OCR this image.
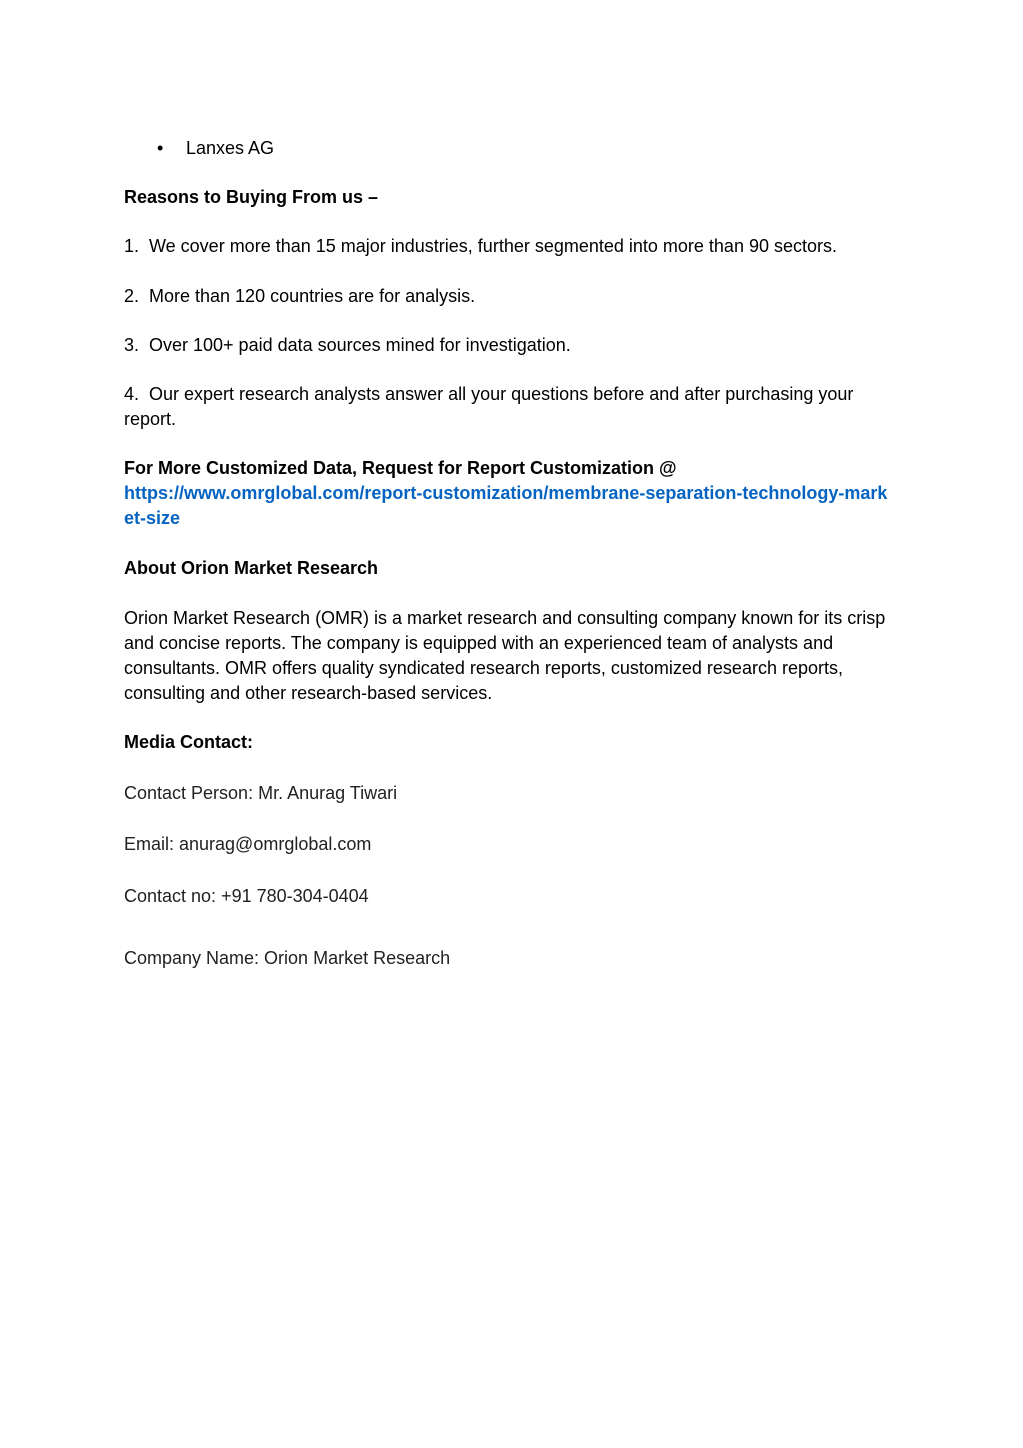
• Lanxes AG

Reasons to Buying From us –

1. We cover more than 15 major industries, further segmented into more than 90 sectors.

2. More than 120 countries are for analysis.

3. Over 100+ paid data sources mined for investigation.

4. Our expert research analysts answer all your questions before and after purchasing your report.

For More Customized Data, Request for Report Customization @
https://www.omrglobal.com/report-customization/membrane-separation-technology-market-size

About Orion Market Research

Orion Market Research (OMR) is a market research and consulting company known for its crisp and concise reports. The company is equipped with an experienced team of analysts and consultants. OMR offers quality syndicated research reports, customized research reports, consulting and other research-based services.

Media Contact:

Contact Person: Mr. Anurag Tiwari

Email: anurag@omrglobal.com

Contact no: +91 780-304-0404

Company Name: Orion Market Research
